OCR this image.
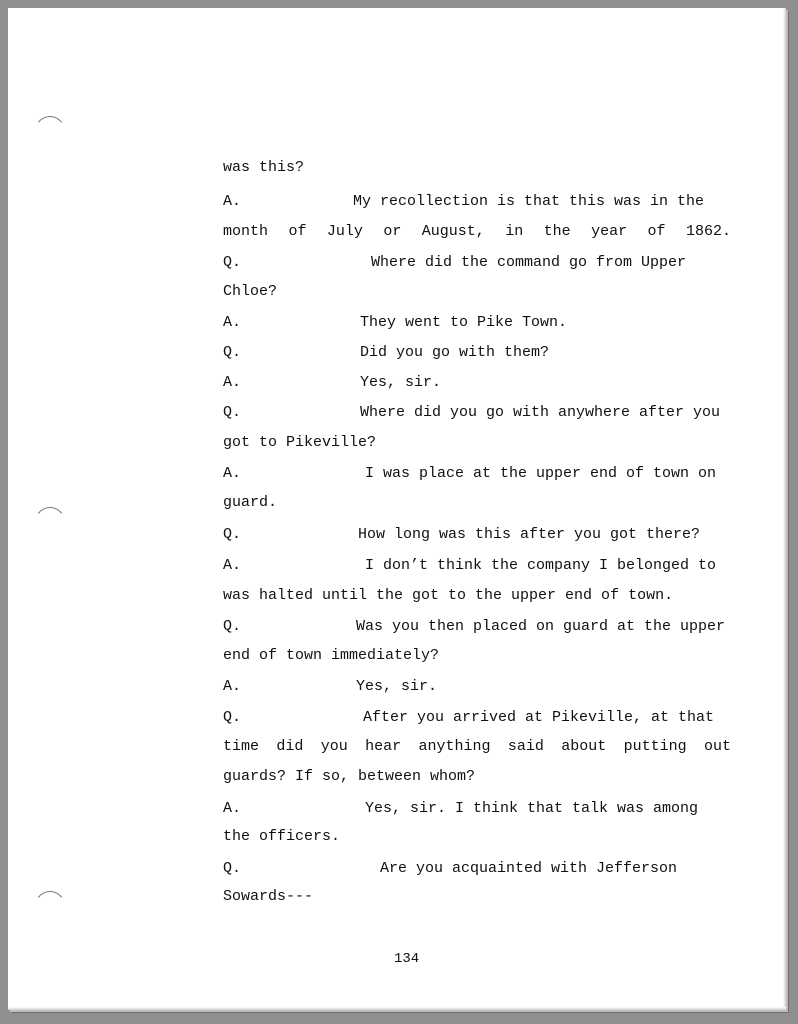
was this?
A.	My recollection is that this was in the
month of July or August, in the year of 1862.
Q.	Where did the command go from Upper
Chloe?
A.	They went to Pike Town.
Q.	Did you go with them?
A.	Yes, sir.
Q.	Where did you go with anywhere after you
got to Pikeville?
A.	I was place at the upper end of town on
guard.
Q.	How long was this after you got there?
A.	I don’t think the company I belonged to
was halted until the got to the upper end of town.
Q.	Was you then placed on guard at the upper
end of town immediately?
A.	Yes, sir.
Q.	After you arrived at Pikeville, at that
time did you hear anything said about putting out
guards? If so, between whom?
A.	Yes, sir. I think that talk was among
the officers.
Q.	Are you acquainted with Jefferson
Sowards---
134
